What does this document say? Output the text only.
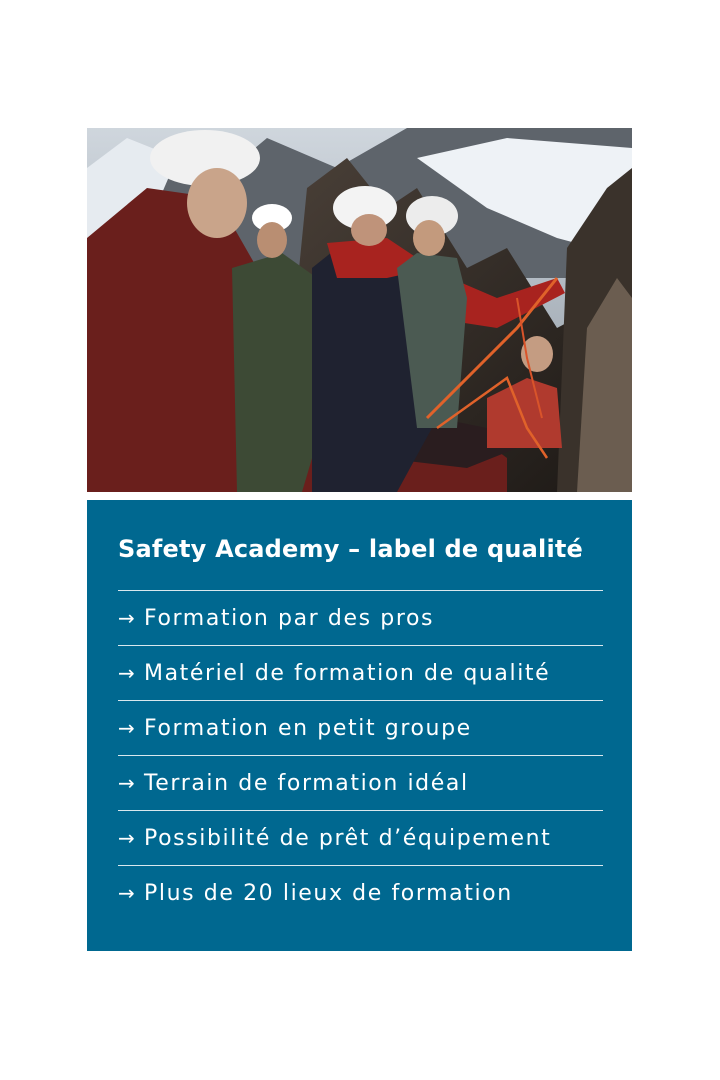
Safety Academy – label de qualité
→ Formation par des pros
→ Matériel de formation de qualité
→ Formation en petit groupe
→ Terrain de formation idéal
→ Possibilité de prêt d’équipement
→ Plus de 20 lieux de formation
